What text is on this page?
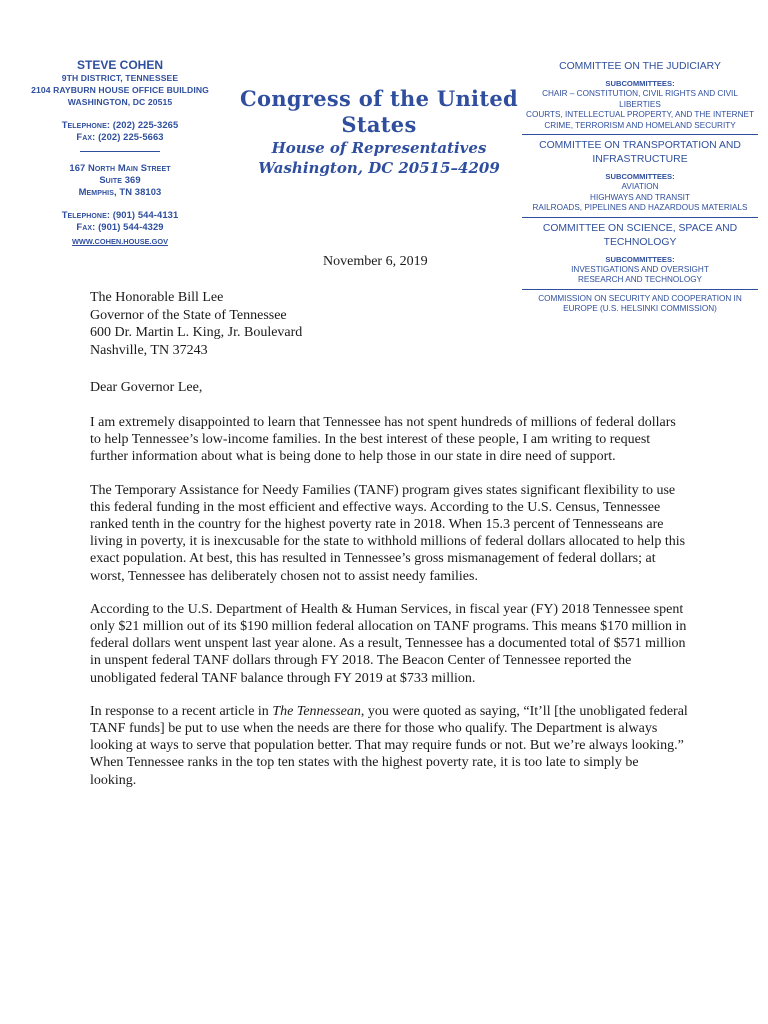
STEVE COHEN
9TH DISTRICT, TENNESSEE
2104 RAYBURN HOUSE OFFICE BUILDING
WASHINGTON, DC 20515
Telephone: (202) 225-3265
Fax: (202) 225-5663
167 North Main Street
Suite 369
Memphis, TN 38103
Telephone: (901) 544-4131
Fax: (901) 544-4329
WWW.COHEN.HOUSE.GOV
Congress of the United States
House of Representatives
Washington, DC 20515–4209
COMMITTEE ON THE JUDICIARY
SUBCOMMITTEES:
CHAIR – CONSTITUTION, CIVIL RIGHTS AND CIVIL LIBERTIES
COURTS, INTELLECTUAL PROPERTY, AND THE INTERNET
CRIME, TERRORISM AND HOMELAND SECURITY
COMMITTEE ON TRANSPORTATION AND INFRASTRUCTURE
SUBCOMMITTEES:
AVIATION
HIGHWAYS AND TRANSIT
RAILROADS, PIPELINES AND HAZARDOUS MATERIALS
COMMITTEE ON SCIENCE, SPACE AND TECHNOLOGY
SUBCOMMITTEES:
INVESTIGATIONS AND OVERSIGHT
RESEARCH AND TECHNOLOGY
COMMISSION ON SECURITY AND COOPERATION IN EUROPE (U.S. HELSINKI COMMISSION)
November 6, 2019
The Honorable Bill Lee
Governor of the State of Tennessee
600 Dr. Martin L. King, Jr. Boulevard
Nashville, TN 37243
Dear Governor Lee,

I am extremely disappointed to learn that Tennessee has not spent hundreds of millions of federal dollars to help Tennessee’s low-income families. In the best interest of these people, I am writing to request further information about what is being done to help those in our state in dire need of support.

The Temporary Assistance for Needy Families (TANF) program gives states significant flexibility to use this federal funding in the most efficient and effective ways. According to the U.S. Census, Tennessee ranked tenth in the country for the highest poverty rate in 2018. When 15.3 percent of Tennesseans are living in poverty, it is inexcusable for the state to withhold millions of federal dollars allocated to help this exact population. At best, this has resulted in Tennessee’s gross mismanagement of federal dollars; at worst, Tennessee has deliberately chosen not to assist needy families.

According to the U.S. Department of Health & Human Services, in fiscal year (FY) 2018 Tennessee spent only $21 million out of its $190 million federal allocation on TANF programs. This means $170 million in federal dollars went unspent last year alone. As a result, Tennessee has a documented total of $571 million in unspent federal TANF dollars through FY 2018. The Beacon Center of Tennessee reported the unobligated federal TANF balance through FY 2019 at $733 million.

In response to a recent article in The Tennessean, you were quoted as saying, “It’ll [the unobligated federal TANF funds] be put to use when the needs are there for those who qualify. The Department is always looking at ways to serve that population better. That may require funds or not. But we’re always looking.” When Tennessee ranks in the top ten states with the highest poverty rate, it is too late to simply be looking.
